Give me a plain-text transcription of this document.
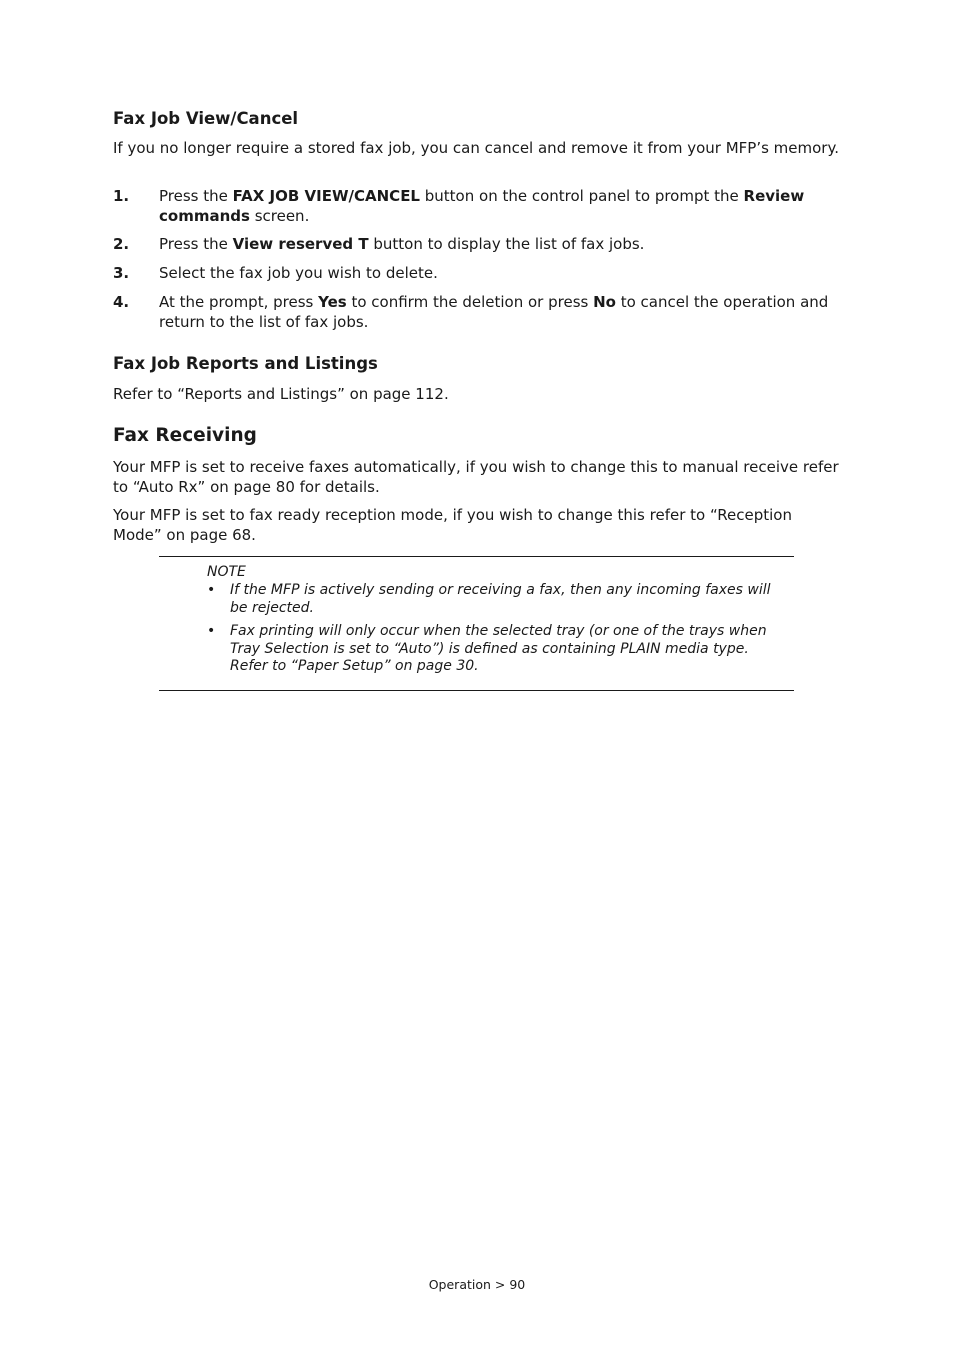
Fax Job View/Cancel

If you no longer require a stored fax job, you can cancel and remove it from your MFP’s memory.

1. Press the FAX JOB VIEW/CANCEL button on the control panel to prompt the Review commands screen.
2. Press the View reserved T button to display the list of fax jobs.
3. Select the fax job you wish to delete.
4. At the prompt, press Yes to confirm the deletion or press No to cancel the operation and return to the list of fax jobs.
Fax Job Reports and Listings

Refer to “Reports and Listings” on page 112.

Fax Receiving

Your MFP is set to receive faxes automatically, if you wish to change this to manual receive refer to “Auto Rx” on page 80 for details.

Your MFP is set to fax ready reception mode, if you wish to change this refer to “Reception Mode” on page 68.

NOTE
• If the MFP is actively sending or receiving a fax, then any incoming faxes will be rejected.
• Fax printing will only occur when the selected tray (or one of the trays when Tray Selection is set to “Auto”) is defined as containing PLAIN media type. Refer to “Paper Setup” on page 30.
Operation > 90
